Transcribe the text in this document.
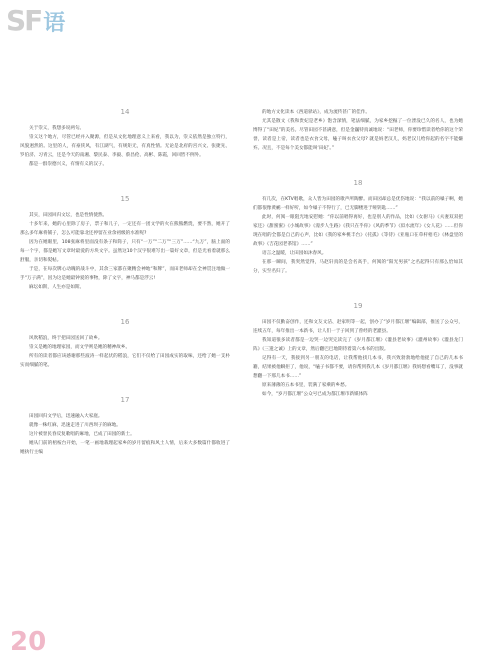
SF语
14

关于崇义，我想多说两句。

崇义这个地方，尽管已经并入聚源，但是从文化地理意义上来看，我以为，崇义依然是独立特行，风貌迥然的。这里的人，有豪侠风，有江湖气，有规矩无，有真性情。无论是北府的宫兴文、张捷先、罗伯济、习青云，还是今天的南湘、黎民泰、李毅、蔡昌伦、高彬、陈霞，回回皆不例外。

都是一群崇德兴义，有情有义的汉子。

15

其实，田园回归文坛，也是性情使然。

十多年来，她的心里除了房子，票子和儿子，一定还有一团文学的火在熊熊燃烧，要不然，她开了那么多年麻将铺子，怎么可能靠北还停留在业余初级的水准呢?

因为在她眼里，108张麻将里面没有条子和筒子，只有“一万”“二万”“三万”……“九万”，脑上面的每一个字，都是她写文章时最爱的方块文字。虽然这10个汉字很难写出一篇好文章，但是光看着就那么舒服，亲切和熨帖。

于是，在每次牌心动魄的战斗中，其余三家都在聚精会神地“和牌”，而田老师却在全神贯注地做一手“万子满”，因为这是她最钟爱的事物，除了文字，神马都是浮云!

麻坛如斯，人生亦是如斯。

16

风吹稻浪，终于把田园送回了故乡。

崇义是她的地理家园，而文学则是她的精神故乡。

所有的读者都应该感谢那些波涛一样起伏的稻浪，它们不仅给了田园成实的取味，还给了她一支朴实而细腻的笔。

17

田园回归文学后，迅速融入大家庭。

就像一株红麻，迅速走进了川西坝子的麻地。

这片被誉民春反复歌唱的麻地，已成了田园的新土。

她从门前的梧桉台开始，一笔一画地栽理起家乡的岁月留痕和风土人情，后来大多数篇什都收进了她执行主编

的地方文化读本《西道驿站》，成为流传甚广的佳作。

尤其是散文《我和贵妃是老乡》饱含深情，笔法细腻，为家乡挖掘了一位湮没已久的名人，也为她博得了“田妃”的美名。尽管田园不甚满意，但是金巍特真诚地说：“田老师，你要珍惜读者给你的这个荣誉，读者是上帝，读者也是衣食父母，嗑子叫衣食父母? 就是妈老汉儿，妈老汉儿给你起的名字不能嫌弃。况且，不是每个美女都能叫‘田妃’。”

18

有几次，在KTV唱歌，众人皆为田园的歌声所陶醉。而田园却总是优伤地说：“我以前的嗓子啊，她们都很像黄鹂一样好听，如今嗓子不得行了，已无脚楼进于哑钥匙……”

此时，何阅一眼阻光地安慰她：“你以前唱得再好，也是别人的作品，比如《女驸马》《夫妻双双把家还》《甜蜜蜜》《小城故事》《漫步人生路》《我只在乎你》《风的季节》《似水流年》《女人花》……但你现在唱的全都是自己的心声，比如《我的家乡桃丰台》《托孤》《等待》《亚瓶口在草杆梧毛》《林盘里的故事》《吉花园老茶馆》……”

语言之温暖，让田园如沐春风。

在那一瞬间，我突然觉得，马赵轩真的是会名高手，何阅的“阳光男孩”之名起得只有那么恰如其分，实至名归了。

19

田园不仅勤奋创作，还和文友文洁、赵家明等一起，创办了“岁月都江堰”编辑部，推送了公众号，连续五年，每年推出一本新书，让人们一于子回到了曾经的老灌县。

我知道很多读者都是一边哭一边哭完读完了《岁月都江堰》《灌县老故事》《灌州故事》《灌县龙门阵》《三遗之诚》上的文章，然后翻巴巴地期待着第六本书的出版。

记得有一天，我接到另一朋友的电话，让我帮他找几本书，我兴致勃勃地给他捉了自己的几本书籍，结果被他瞬拒了，他说，“嗑子书都不要，请你帮到我几本《岁月都江堰》我妈想看嘴耳了，没事就想翻一下那几本书……”

原来薄薄的五本书里，装满了家乘的乡愁。

如今，“岁月都江堰”公众号已成为都江堰市新媒体阵

20
